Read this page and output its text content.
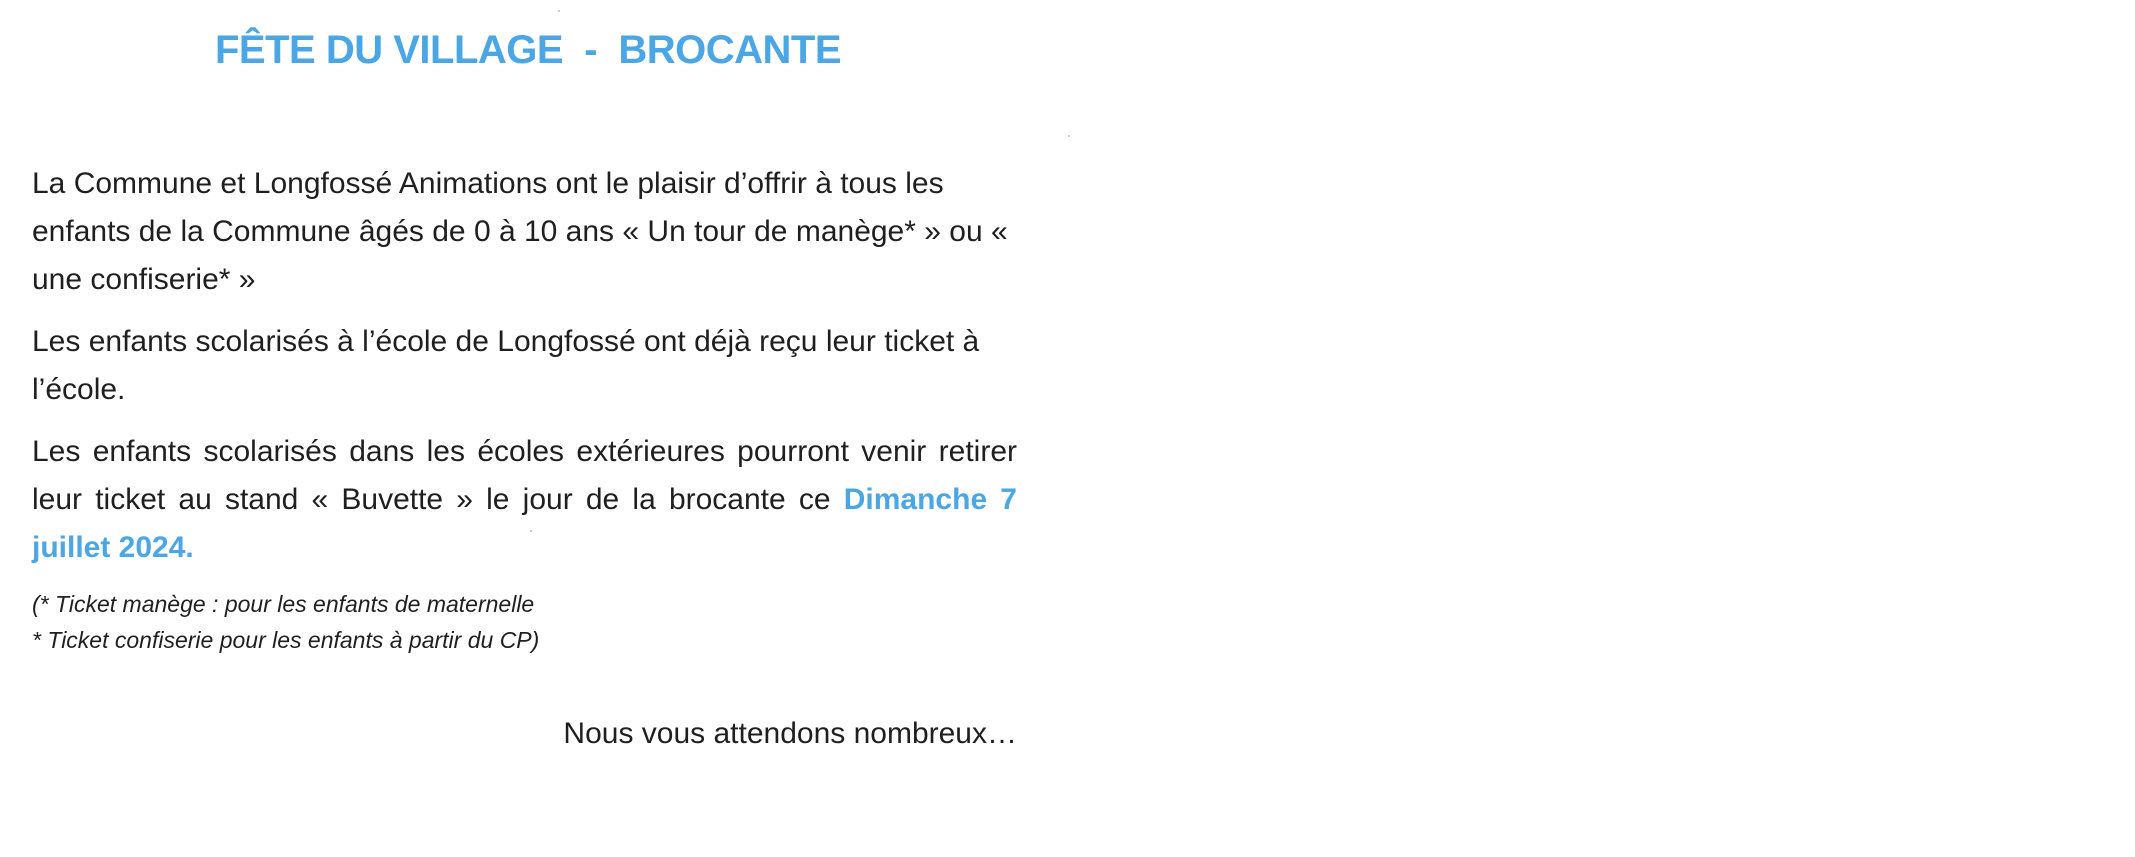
FÊTE DU VILLAGE  -  BROCANTE

La Commune et Longfossé Animations ont le plaisir d’offrir à tous les enfants de la Commune âgés de 0 à 10 ans « Un tour de manège* » ou « une confiserie* »

Les enfants scolarisés à l’école de Longfossé ont déjà reçu leur ticket à l’école.

Les enfants scolarisés dans les écoles extérieures pourront venir retirer leur ticket au stand « Buvette » le jour de la brocante ce Dimanche 7 juillet 2024.

(* Ticket manège : pour les enfants de maternelle
* Ticket confiserie pour les enfants à partir du CP)

Nous vous attendons nombreux…
